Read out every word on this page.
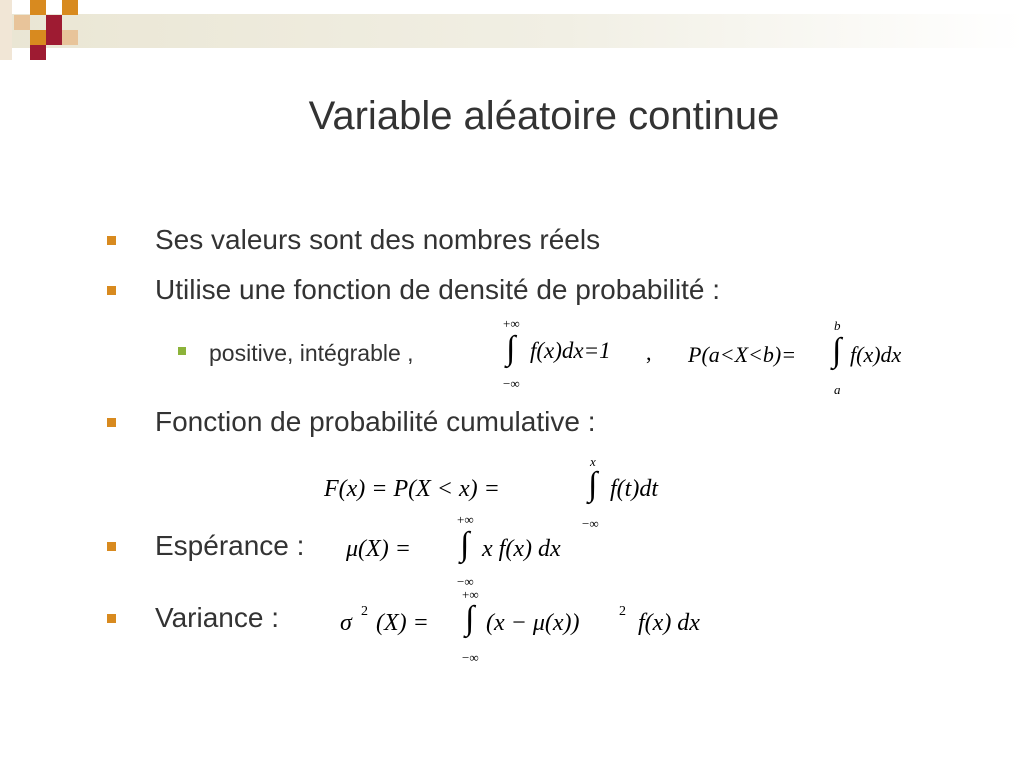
Variable aléatoire continue
Ses valeurs sont des nombres réels
Utilise une fonction de densité de probabilité :
positive, intégrable ,
+∞
∫ f(x)dx=1 ,
−∞
P(a<X<b)=
b
∫ f(x)dx
a
Fonction de probabilité cumulative :
F(x) = P(X < x) =
x
∫ f(t)dt
−∞
Espérance : μ(X) =
+∞
∫ x f(x) dx
−∞
Variance :	σ 2 (X) =
+∞
∫ (x − μ(x))	2 f(x) dx
−∞
